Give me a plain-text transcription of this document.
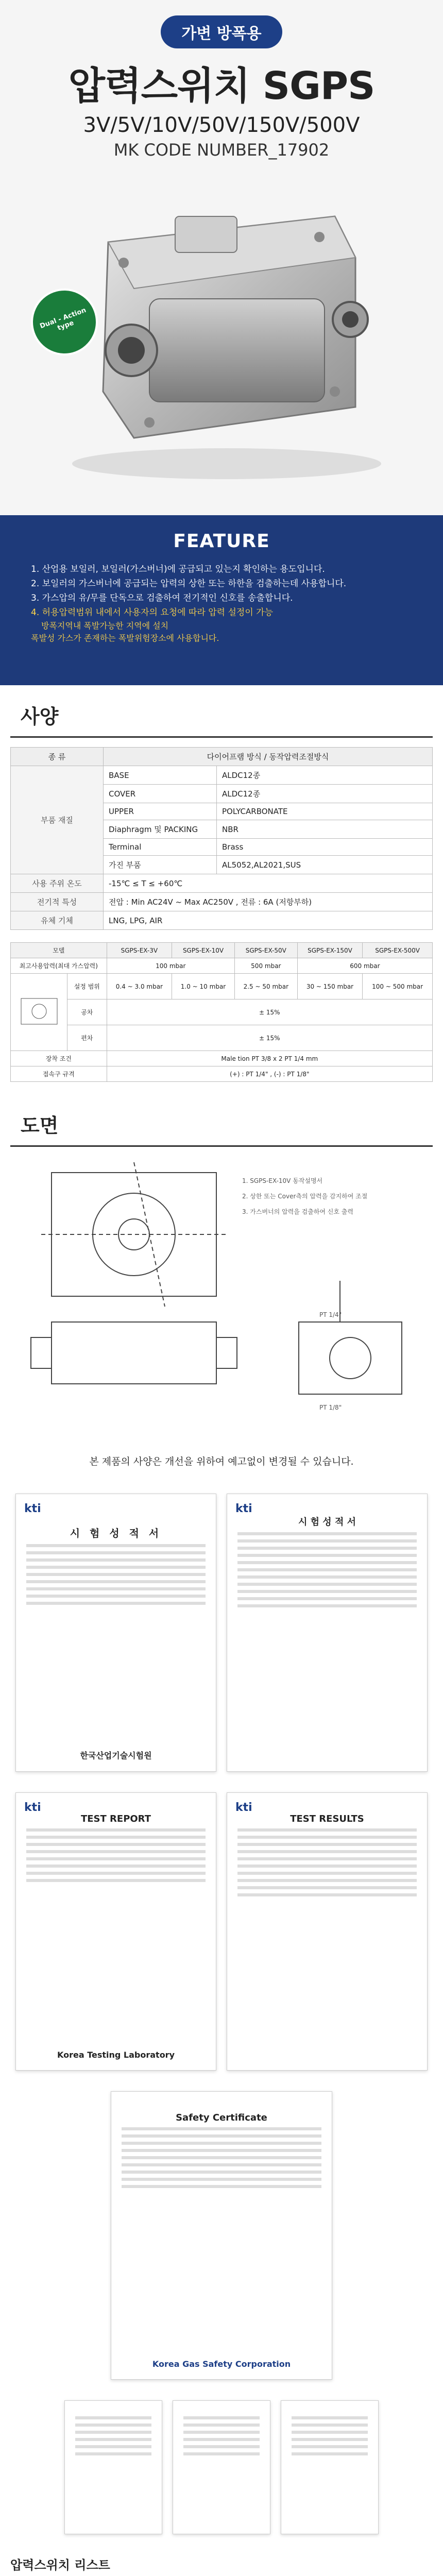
가변 방폭용
압력스위치 SGPS
3V/5V/10V/50V/150V/500V
MK CODE NUMBER_17902
Dual - Action type
FEATURE
1. 산업용 보일러, 보일러(가스버너)에 공급되고 있는지 확인하는 용도입니다.
2. 보일러의 가스버너에 공급되는 압력의 상한 또는 하한을 검출하는데 사용합니다.
3. 가스압의 유/무를 단독으로 검출하여 전기적인 신호를 송출합니다.
4. 허용압력범위 내에서 사용자의 요청에 따라 압력 설정이 가능
방폭지역내 폭발가능한 지역에 설치
폭발성 가스가 존재하는 폭발위험장소에 사용합니다.
사양
종 류	다이어프램 방식 / 동작압력조절방식	
부품 재질	BASE	ALDC12종
	COVER	ALDC12종
	UPPER	POLYCARBONATE
	Diaphragm 및 PACKING	NBR
	Terminal	Brass
	가진 부품	AL5052,AL2021,SUS
사용 주위 온도	-15℃ ≤ T ≤ +60℃	
전기적 특성	전압 : Min AC24V ~ Max AC250V , 전류 : 6A (저항부하)	
유체 기체	LNG, LPG, AIR	
모델		SGPS-EX-3V	SGPS-EX-10V	SGPS-EX-50V	SGPS-EX-150V	SGPS-EX-500V
최고사용압력(최대 가스압력)		100 mbar		500 mbar	600 mbar	
	설정 범위	0.4 ~ 3.0 mbar	1.0 ~ 10 mbar	2.5 ~ 50 mbar	30 ~ 150 mbar	100 ~ 500 mbar
	공차	± 15%				
	편차	± 15%				
장착 조건		Male tion PT 3/8 x 2 PT 1/4 mm				
접속구 규격		(+) : PT 1/4" , (-) : PT 1/8"				
도면
1. SGPS-EX-10V 동작설명서
2. 상한 또는 Cover측의 압력을 감지하여 조절
3. 가스버너의 압력을 검출하여 신호 출력
PT 1/4"
PT 1/8"
본 제품의 사양은 개선을 위하여 예고없이 변경될 수 있습니다.
kti
시 험 성 적 서
한국산업기술시험원
kti
시 험 성 적 서
kti
TEST REPORT
Korea Testing Laboratory
kti
TEST RESULTS
Safety Certificate
Korea Gas Safety Corporation
압력스위치 리스트
